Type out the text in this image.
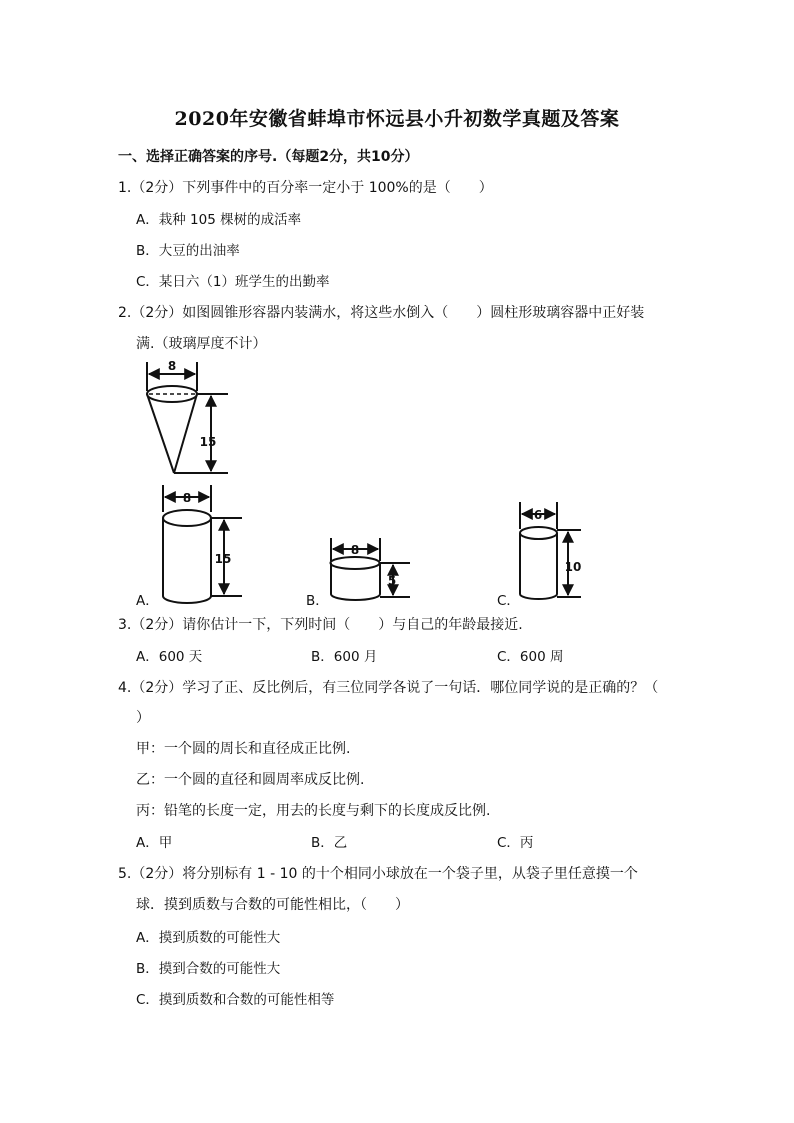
2020年安徽省蚌埠市怀远县小升初数学真题及答案
一、选择正确答案的序号.（每题2分，共10分）
1.（2分）下列事件中的百分率一定小于 100%的是（　　）
A．栽种 105 棵树的成活率
B．大豆的出油率
C．某日六（1）班学生的出勤率
2.（2分）如图圆锥形容器内装满水，将这些水倒入（　　）圆柱形玻璃容器中正好装
满.（玻璃厚度不计）
8
15
8
15
8
5
6
10
A．	B．	C．
3.（2分）请你估计一下，下列时间（　　）与自己的年龄最接近.
A．600 天	B．600 月	C．600 周
4.（2分）学习了正、反比例后，有三位同学各说了一句话．哪位同学说的是正确的？（
）
甲：一个圆的周长和直径成正比例.
乙：一个圆的直径和圆周率成反比例.
丙：铅笔的长度一定，用去的长度与剩下的长度成反比例.
A．甲	B．乙	C．丙
5.（2分）将分别标有 1 - 10 的十个相同小球放在一个袋子里，从袋子里任意摸一个
球．摸到质数与合数的可能性相比，（　　）
A．摸到质数的可能性大
B．摸到合数的可能性大
C．摸到质数和合数的可能性相等
